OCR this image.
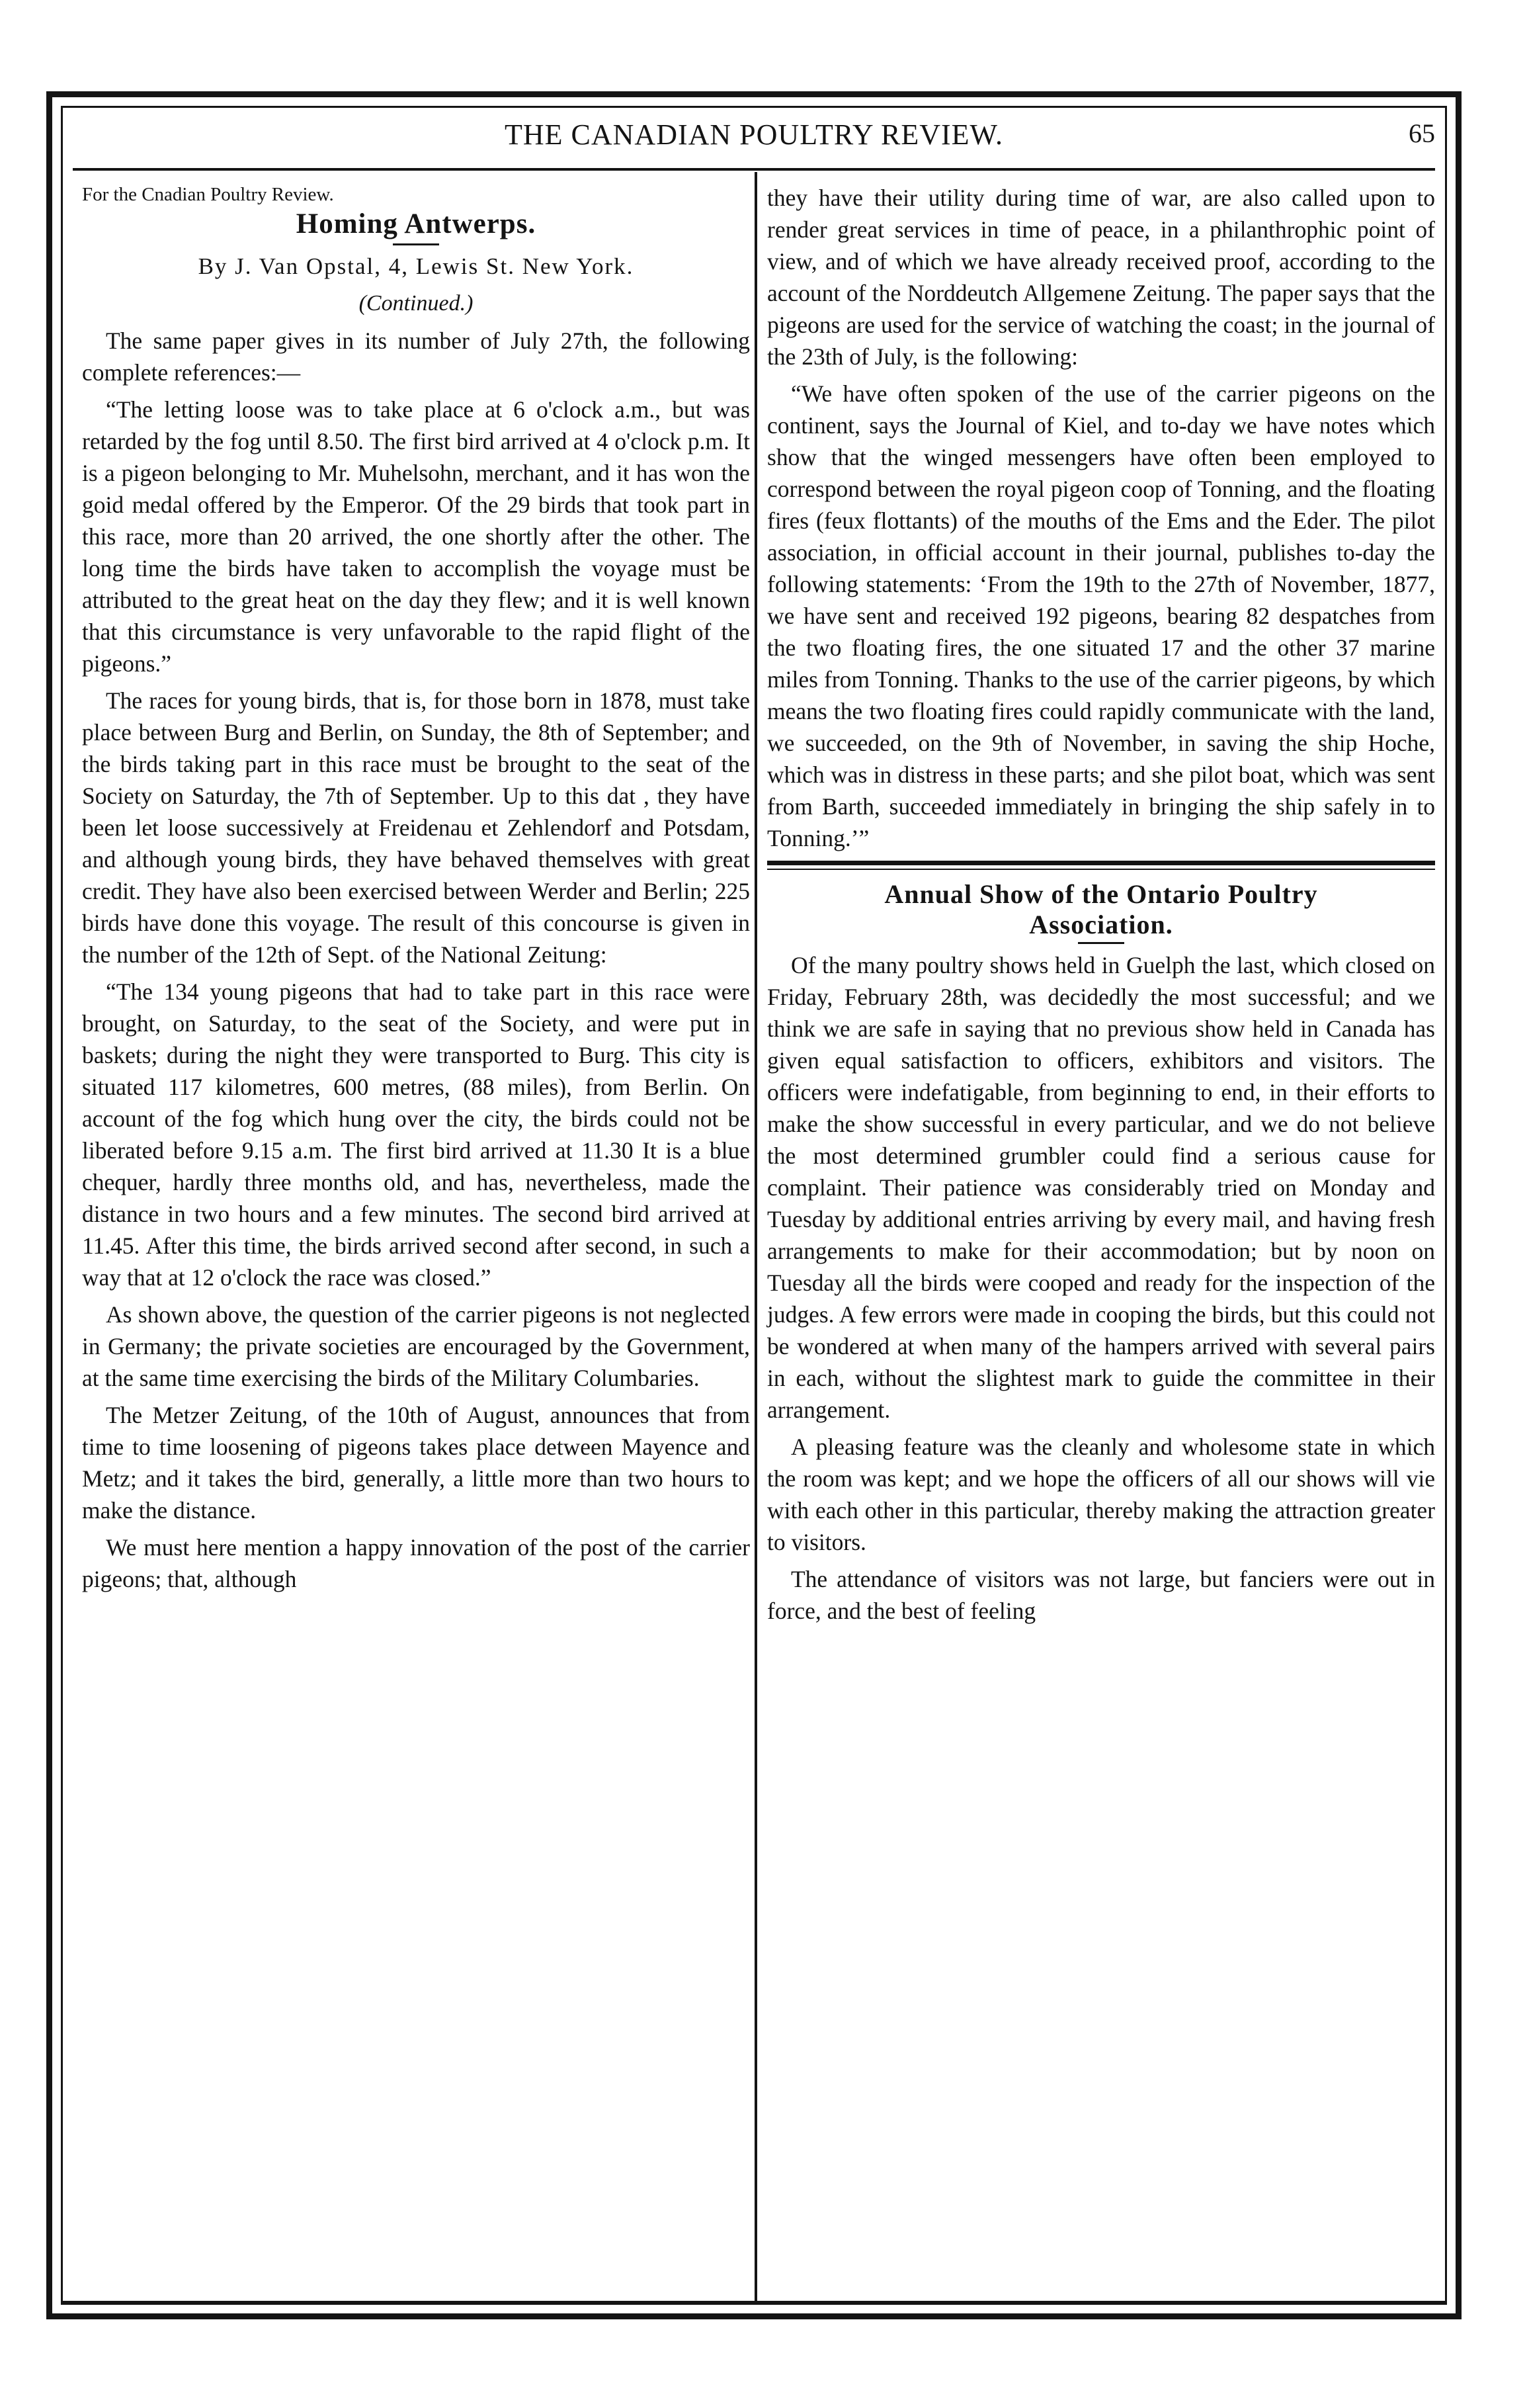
THE CANADIAN POULTRY REVIEW.	65

For the Cnadian Poultry Review.

Homing Antwerps.

By J. Van Opstal, 4, Lewis St. New York.

(Continued.)

The same paper gives in its number of July 27th, the following complete references:—

“The letting loose was to take place at 6 o'clock a.m., but was retarded by the fog until 8.50. The first bird arrived at 4 o'clock p.m. It is a pigeon belonging to Mr. Muhelsohn, merchant, and it has won the goid medal offered by the Emperor. Of the 29 birds that took part in this race, more than 20 arrived, the one shortly after the other. The long time the birds have taken to accomplish the voyage must be attributed to the great heat on the day they flew; and it is well known that this circumstance is very unfavorable to the rapid flight of the pigeons.”

The races for young birds, that is, for those born in 1878, must take place between Burg and Berlin, on Sunday, the 8th of September; and the birds taking part in this race must be brought to the seat of the Society on Saturday, the 7th of September. Up to this dat , they have been let loose successively at Freidenau et Zehlendorf and Potsdam, and although young birds, they have behaved themselves with great credit. They have also been exercised between Werder and Berlin; 225 birds have done this voyage. The result of this concourse is given in the number of the 12th of Sept. of the National Zeitung:

“The 134 young pigeons that had to take part in this race were brought, on Saturday, to the seat of the Society, and were put in baskets; during the night they were transported to Burg. This city is situated 117 kilometres, 600 metres, (88 miles), from Berlin. On account of the fog which hung over the city, the birds could not be liberated before 9.15 a.m. The first bird arrived at 11.30 It is a blue chequer, hardly three months old, and has, nevertheless, made the distance in two hours and a few minutes. The second bird arrived at 11.45. After this time, the birds arrived second after second, in such a way that at 12 o'clock the race was closed.”

As shown above, the question of the carrier pigeons is not neglected in Germany; the private societies are encouraged by the Government, at the same time exercising the birds of the Military Columbaries.

The Metzer Zeitung, of the 10th of August, announces that from time to time loosening of pigeons takes place detween Mayence and Metz; and it takes the bird, generally, a little more than two hours to make the distance.

We must here mention a happy innovation of the post of the carrier pigeons; that, although

they have their utility during time of war, are also called upon to render great services in time of peace, in a philanthrophic point of view, and of which we have already received proof, according to the account of the Norddeutch Allgemene Zeitung. The paper says that the pigeons are used for the service of watching the coast; in the journal of the 23th of July, is the following:

“We have often spoken of the use of the carrier pigeons on the continent, says the Journal of Kiel, and to-day we have notes which show that the winged messengers have often been employed to correspond between the royal pigeon coop of Tonning, and the floating fires (feux flottants) of the mouths of the Ems and the Eder. The pilot association, in official account in their journal, publishes to-day the following statements: ‘From the 19th to the 27th of November, 1877, we have sent and received 192 pigeons, bearing 82 despatches from the two floating fires, the one situated 17 and the other 37 marine miles from Tonning. Thanks to the use of the carrier pigeons, by which means the two floating fires could rapidly communicate with the land, we succeeded, on the 9th of November, in saving the ship Hoche, which was in distress in these parts; and she pilot boat, which was sent from Barth, succeeded immediately in bringing the ship safely in to Tonning.’”

Annual Show of the Ontario Poultry
Association.

Of the many poultry shows held in Guelph the last, which closed on Friday, February 28th, was decidedly the most successful; and we think we are safe in saying that no previous show held in Canada has given equal satisfaction to officers, exhibitors and visitors. The officers were indefatigable, from beginning to end, in their efforts to make the show successful in every particular, and we do not believe the most determined grumbler could find a serious cause for complaint. Their patience was considerably tried on Monday and Tuesday by additional entries arriving by every mail, and having fresh arrangements to make for their accommodation; but by noon on Tuesday all the birds were cooped and ready for the inspection of the judges. A few errors were made in cooping the birds, but this could not be wondered at when many of the hampers arrived with several pairs in each, without the slightest mark to guide the committee in their arrangement.

A pleasing feature was the cleanly and wholesome state in which the room was kept; and we hope the officers of all our shows will vie with each other in this particular, thereby making the attraction greater to visitors.

The attendance of visitors was not large, but fanciers were out in force, and the best of feeling
